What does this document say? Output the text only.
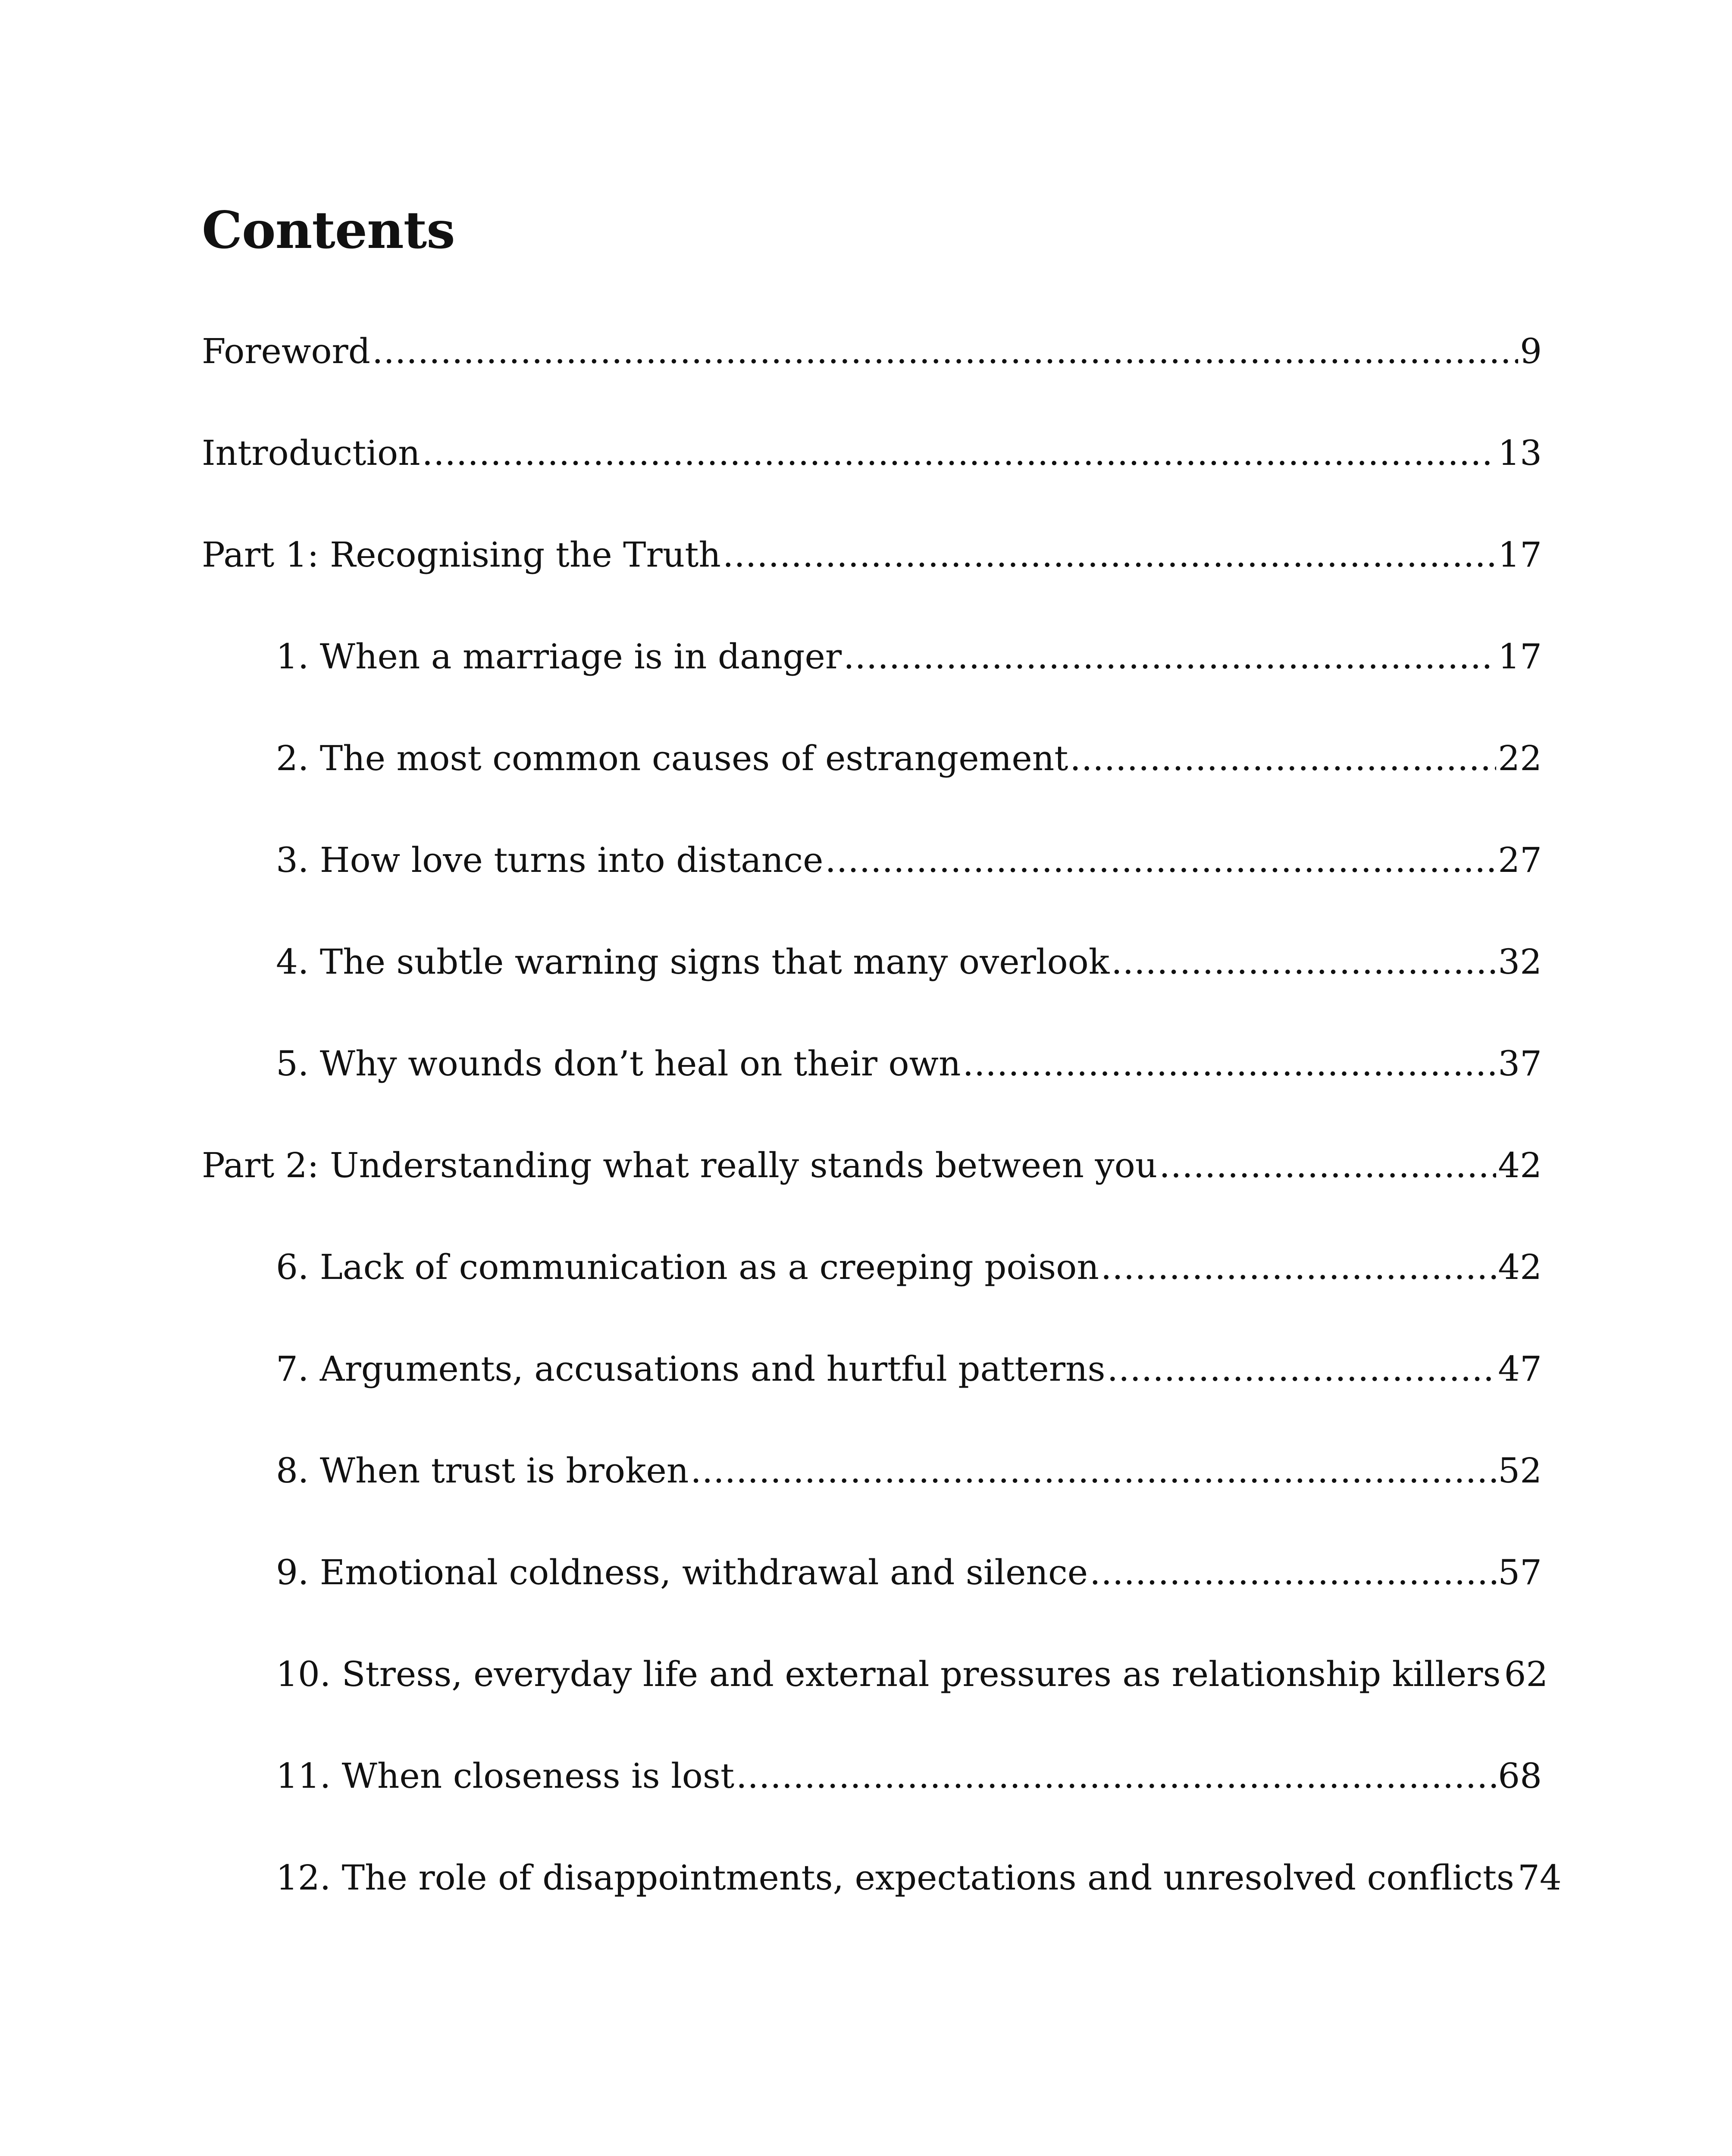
Contents
Foreword .....	9
Introduction .....	13
Part 1: Recognising the Truth .....	17
1. When a marriage is in danger .....	17
2. The most common causes of estrangement .....	22
3. How love turns into distance .....	27
4. The subtle warning signs that many overlook .....	32
5. Why wounds don’t heal on their own .....	37
Part 2: Understanding what really stands between you .....	42
6. Lack of communication as a creeping poison .....	42
7. Arguments, accusations and hurtful patterns .....	47
8. When trust is broken .....	52
9. Emotional coldness, withdrawal and silence .....	57
10. Stress, everyday life and external pressures as relationship killers 62
11. When closeness is lost .....	68
12. The role of disappointments, expectations and unresolved conflicts 74
